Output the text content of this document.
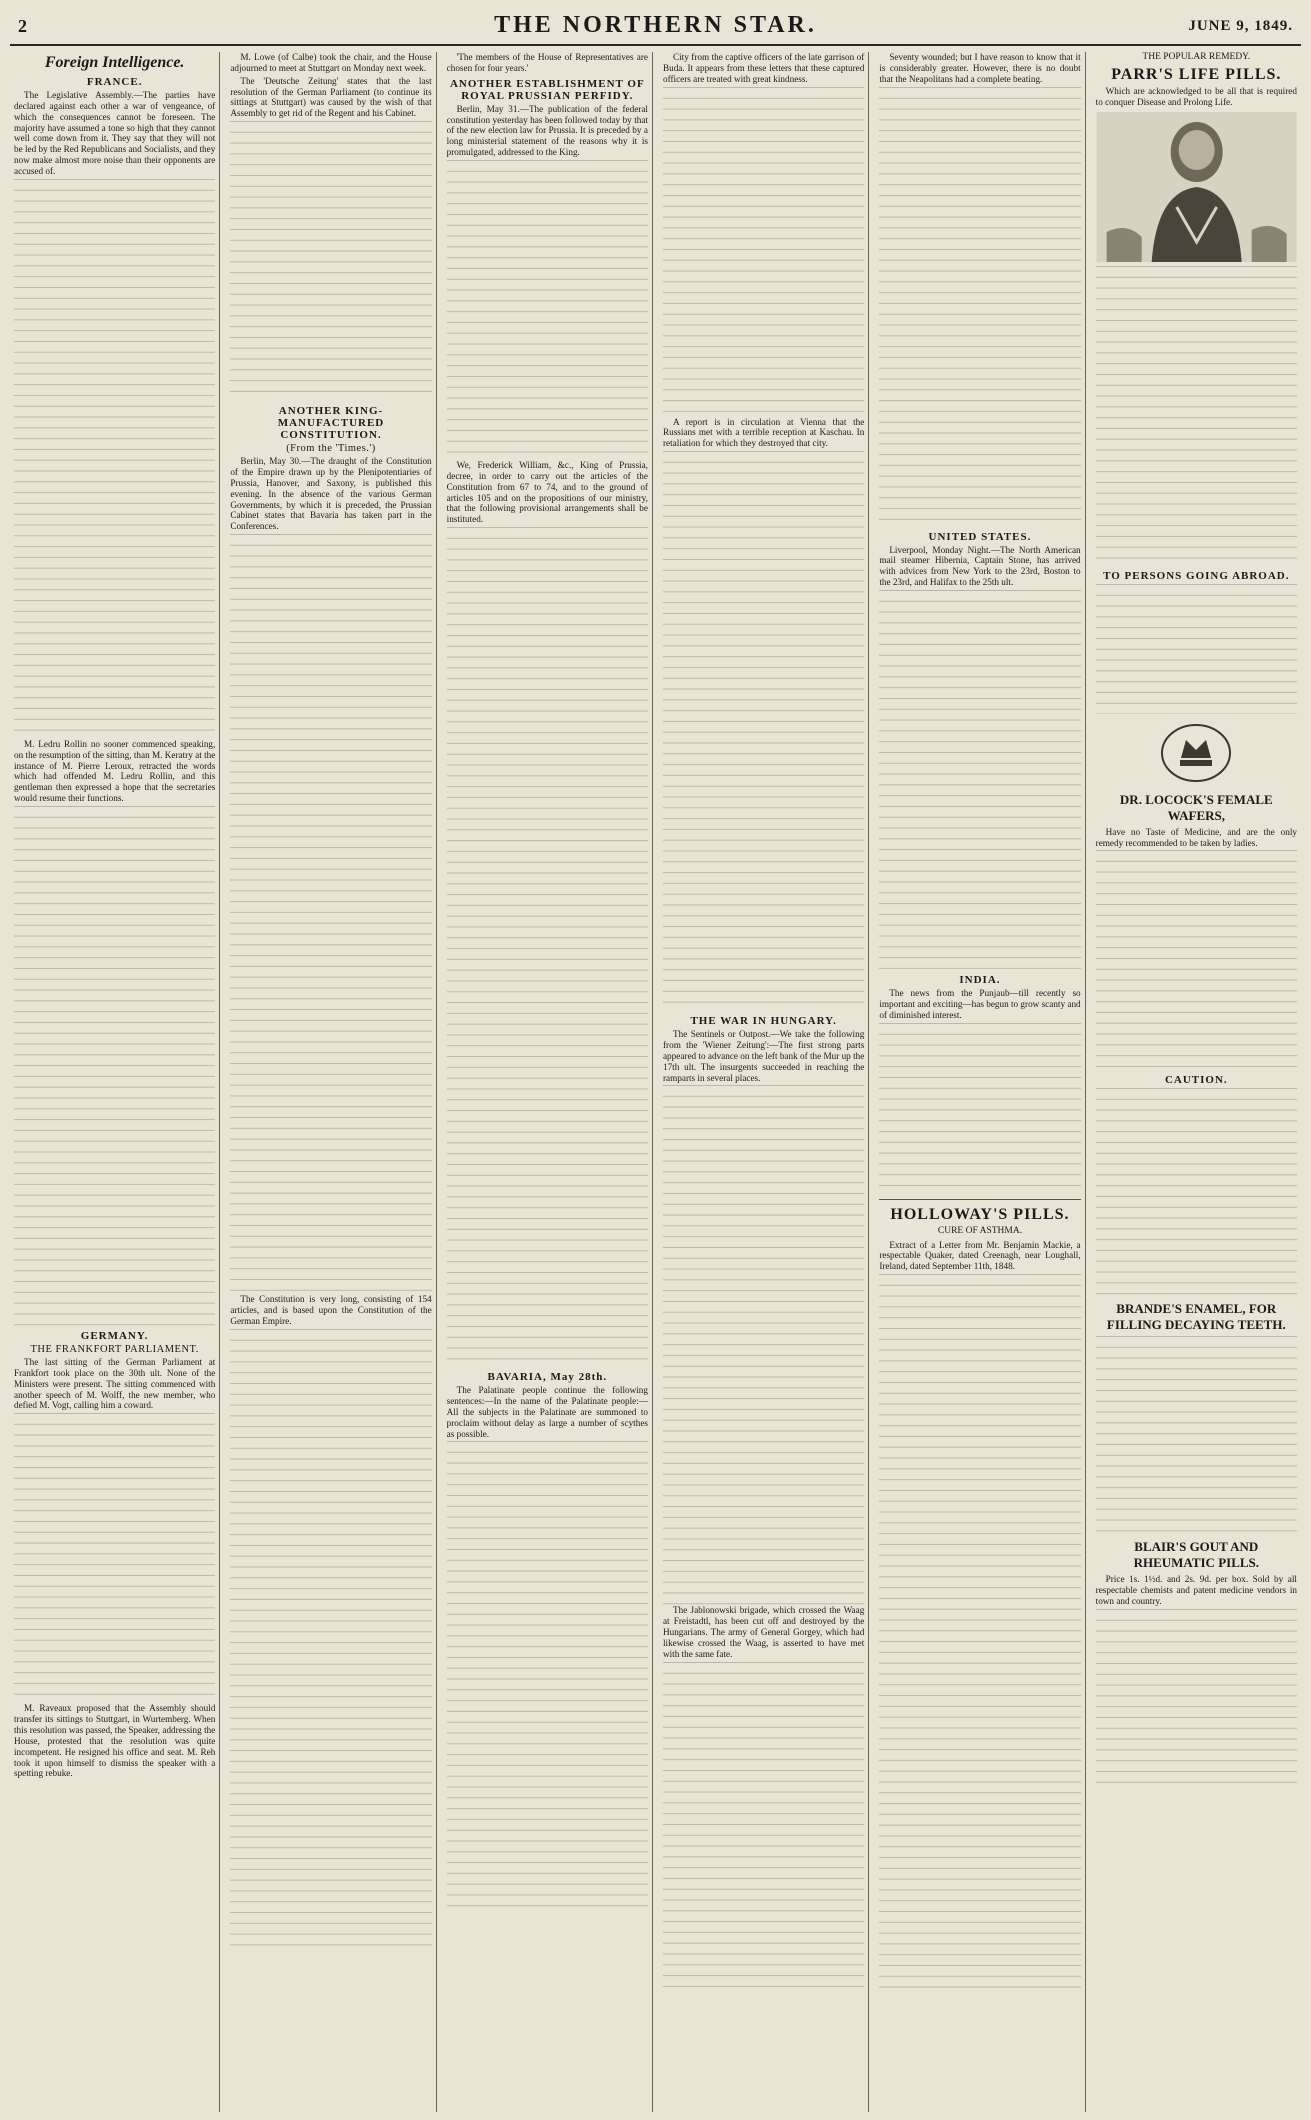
2	THE NORTHERN STAR.	JUNE 9, 1849.
Foreign Intelligence.
FRANCE.

The Legislative Assembly.—The parties have declared against each other a war of vengeance, of which the consequences cannot be foreseen. The majority have assumed a tone so high that they cannot well come down from it. They say that they will not be led by the Red Republicans and Socialists, and they now make almost more noise than their opponents are accused of.

M. Ledru Rollin no sooner commenced speaking, on the resumption of the sitting, than M. Keratry at the instance of M. Pierre Leroux, retracted the words which had offended M. Ledru Rollin, and this gentleman then expressed a hope that the secretaries would resume their functions.

GERMANY.
THE FRANKFORT PARLIAMENT.

The last sitting of the German Parliament at Frankfort took place on the 30th ult. None of the Ministers were present. The sitting commenced with another speech of M. Wolff, the new member, who defied M. Vogt, calling him a coward.

M. Raveaux proposed that the Assembly should transfer its sittings to Stuttgart, in Wurtemberg. When this resolution was passed, the Speaker, addressing the House, protested that the resolution was quite incompetent. He resigned his office and seat. M. Reh took it upon himself to dismiss the speaker with a spetting rebuke.

M. Lowe (of Calbe) took the chair, and the House adjourned to meet at Stuttgart on Monday next week.

The 'Deutsche Zeitung' states that the last resolution of the German Parliament (to continue its sittings at Stuttgart) was caused by the wish of that Assembly to get rid of the Regent and his Cabinet.

ANOTHER KING-MANUFACTURED CONSTITUTION.
(From the 'Times.')

Berlin, May 30.—The draught of the Constitution of the Empire drawn up by the Plenipotentiaries of Prussia, Hanover, and Saxony, is published this evening. In the absence of the various German Governments, by which it is preceded, the Prussian Cabinet states that Bavaria has taken part in the Conferences.

The Constitution is very long, consisting of 154 articles, and is based upon the Constitution of the German Empire.

'The members of the House of Representatives are chosen for four years.'

ANOTHER ESTABLISHMENT OF ROYAL PRUSSIAN PERFIDY.

Berlin, May 31.—The publication of the federal constitution yesterday has been followed today by that of the new election law for Prussia. It is preceded by a long ministerial statement of the reasons why it is promulgated, addressed to the King.

We, Frederick William, &c., King of Prussia, decree, in order to carry out the articles of the Constitution from 67 to 74, and to the ground of articles 105 and on the propositions of our ministry, that the following provisional arrangements shall be instituted.

BAVARIA, May 28th.

The Palatinate people continue the following sentences:—In the name of the Palatinate people:—All the subjects in the Palatinate are summoned to proclaim without delay as large a number of scythes as possible.

City from the captive officers of the late garrison of Buda. It appears from these letters that these captured officers are treated with great kindness.

A report is in circulation at Vienna that the Russians met with a terrible reception at Kaschau. In retaliation for which they destroyed that city.

THE WAR IN HUNGARY.

The Sentinels or Outpost.—We take the following from the 'Wiener Zeitung':—The first strong parts appeared to advance on the left bank of the Mur up the 17th ult. The insurgents succeeded in reaching the ramparts in several places.

The Jablonowski brigade, which crossed the Waag at Freistadtl, has been cut off and destroyed by the Hungarians. The army of General Gorgey, which had likewise crossed the Waag, is asserted to have met with the same fate.

Seventy wounded; but I have reason to know that it is considerably greater. However, there is no doubt that the Neapolitans had a complete beating.

UNITED STATES.

Liverpool, Monday Night.—The North American mail steamer Hibernia, Captain Stone, has arrived with advices from New York to the 23rd, Boston to the 23rd, and Halifax to the 25th ult.

INDIA.

The news from the Punjaub—till recently so important and exciting—has begun to grow scanty and of diminished interest.

HOLLOWAY'S PILLS.
CURE OF ASTHMA.

Extract of a Letter from Mr. Benjamin Mackie, a respectable Quaker, dated Creenagh, near Loughall, Ireland, dated September 11th, 1848.

THE POPULAR REMEDY.
PARR'S LIFE PILLS.

Which are acknowledged to be all that is required to conquer Disease and Prolong Life.

TO PERSONS GOING ABROAD.

DR. LOCOCK'S FEMALE WAFERS,

Have no Taste of Medicine, and are the only remedy recommended to be taken by ladies.

CAUTION.

BRANDE'S ENAMEL, FOR FILLING DECAYING TEETH.

BLAIR'S GOUT AND RHEUMATIC PILLS.

Price 1s. 1½d. and 2s. 9d. per box. Sold by all respectable chemists and patent medicine vendors in town and country.
